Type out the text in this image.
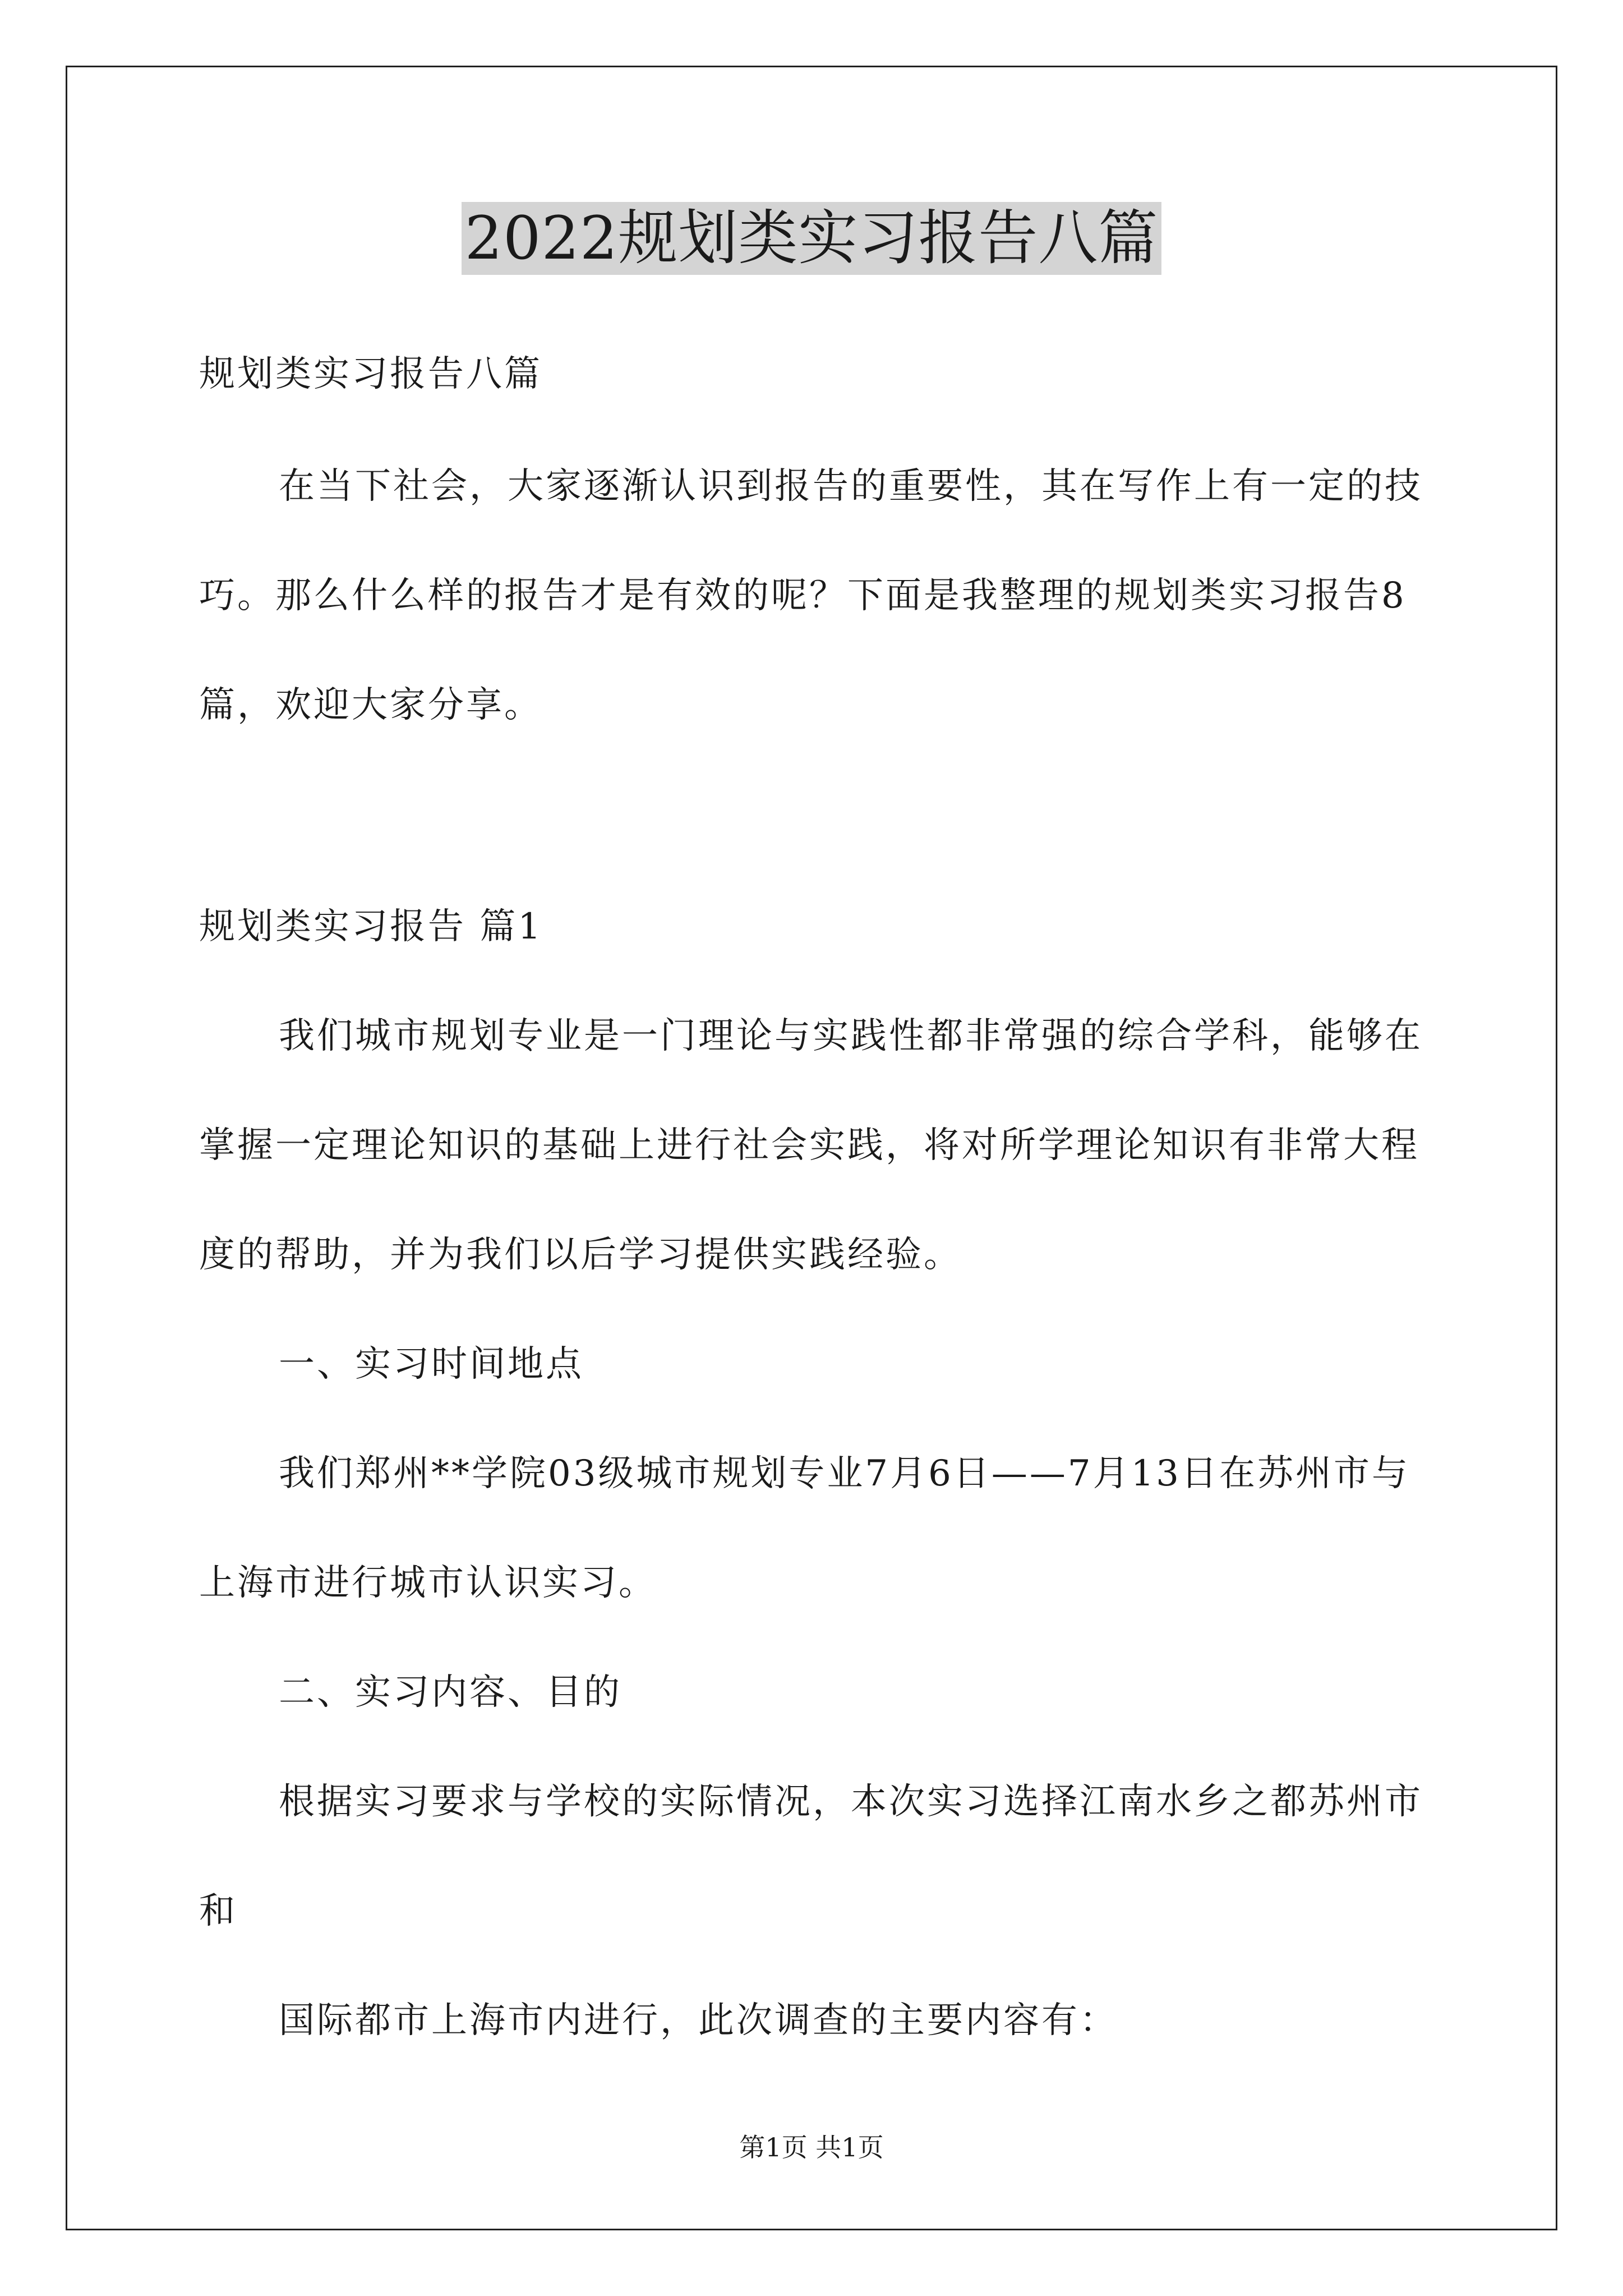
2022规划类实习报告八篇

规划类实习报告八篇

在当下社会，大家逐渐认识到报告的重要性，其在写作上有一定的技巧。那么什么样的报告才是有效的呢？下面是我整理的规划类实习报告8篇，欢迎大家分享。

规划类实习报告 篇1

我们城市规划专业是一门理论与实践性都非常强的综合学科，能够在掌握一定理论知识的基础上进行社会实践，将对所学理论知识有非常大程度的帮助，并为我们以后学习提供实践经验。

一、实习时间地点

我们郑州**学院03级城市规划专业7月6日——7月13日在苏州市与上海市进行城市认识实习。

二、实习内容、目的

根据实习要求与学校的实际情况，本次实习选择江南水乡之都苏州市和

国际都市上海市内进行，此次调查的主要内容有：

第1页 共1页
